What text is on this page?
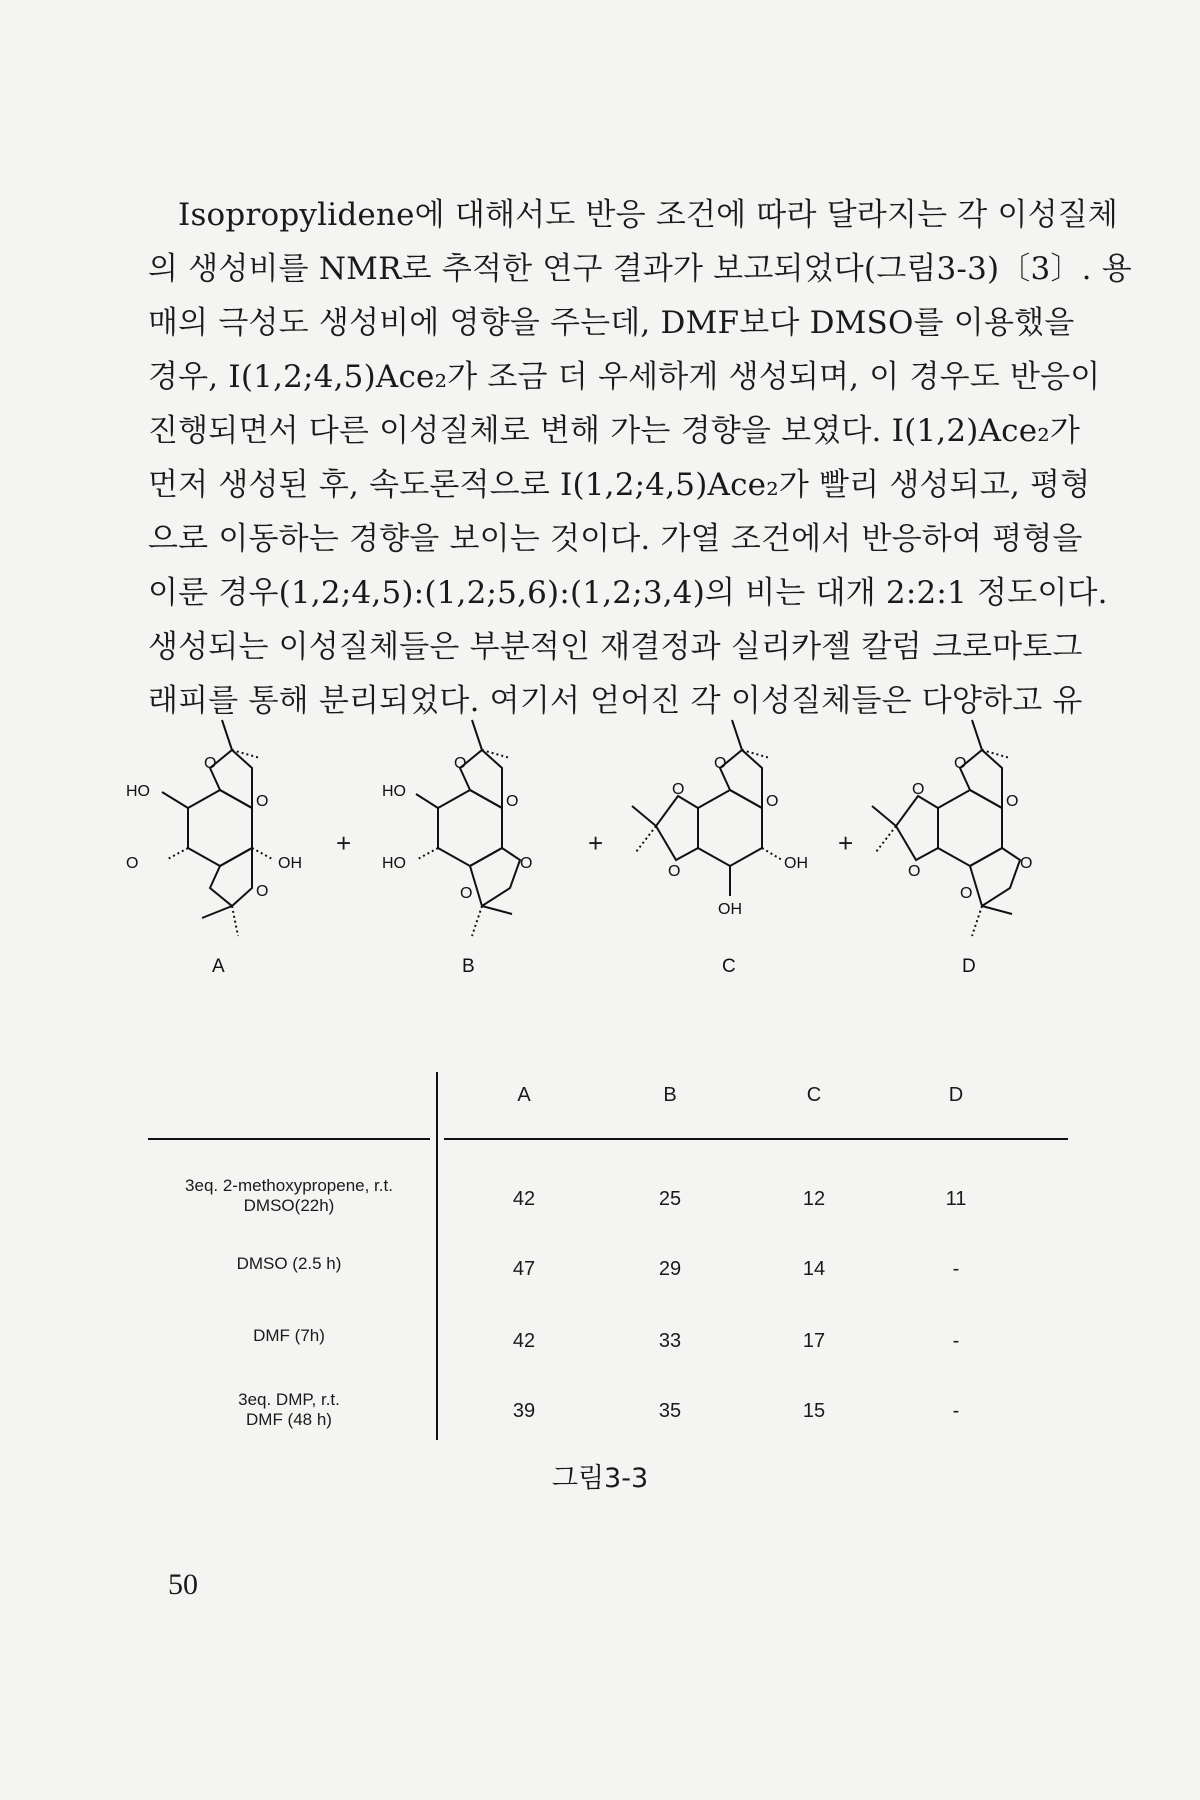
Isopropylidene에 대해서도 반응 조건에 따라 달라지는 각 이성질체
의 생성비를 NMR로 추적한 연구 결과가 보고되었다(그림3-3)〔3〕. 용
매의 극성도 생성비에 영향을 주는데, DMF보다 DMSO를 이용했을
경우, I(1,2;4,5)Ace₂가 조금 더 우세하게 생성되며, 이 경우도 반응이
진행되면서 다른 이성질체로 변해 가는 경향을 보였다. I(1,2)Ace₂가
먼저 생성된 후, 속도론적으로 I(1,2;4,5)Ace₂가 빨리 생성되고, 평형
으로 이동하는 경향을 보이는 것이다. 가열 조건에서 반응하여 평형을
이룬 경우(1,2;4,5):(1,2;5,6):(1,2;3,4)의 비는 대개 2:2:1 정도이다.
생성되는 이성질체들은 부분적인 재결정과 실리카젤 칼럼 크로마토그
래피를 통해 분리되었다. 여기서 얻어진 각 이성질체들은 다양하고 유
O
O
O
O
HO
OH
A
+
O
O
O
O
HO
HO
B
+
O
O
O
O	OH
OH
C
+
O
O
O
O	O
O
D
A	B	C	D
3eq. 2-methoxypropene, r.t.
DMSO(22h)	42	25	12	11
DMSO (2.5 h)	47	29	14	-
DMF (7h)	42	33	17	-
3eq. DMP, r.t.
DMF (48 h)	39	35	15	-
그림3-3
50
